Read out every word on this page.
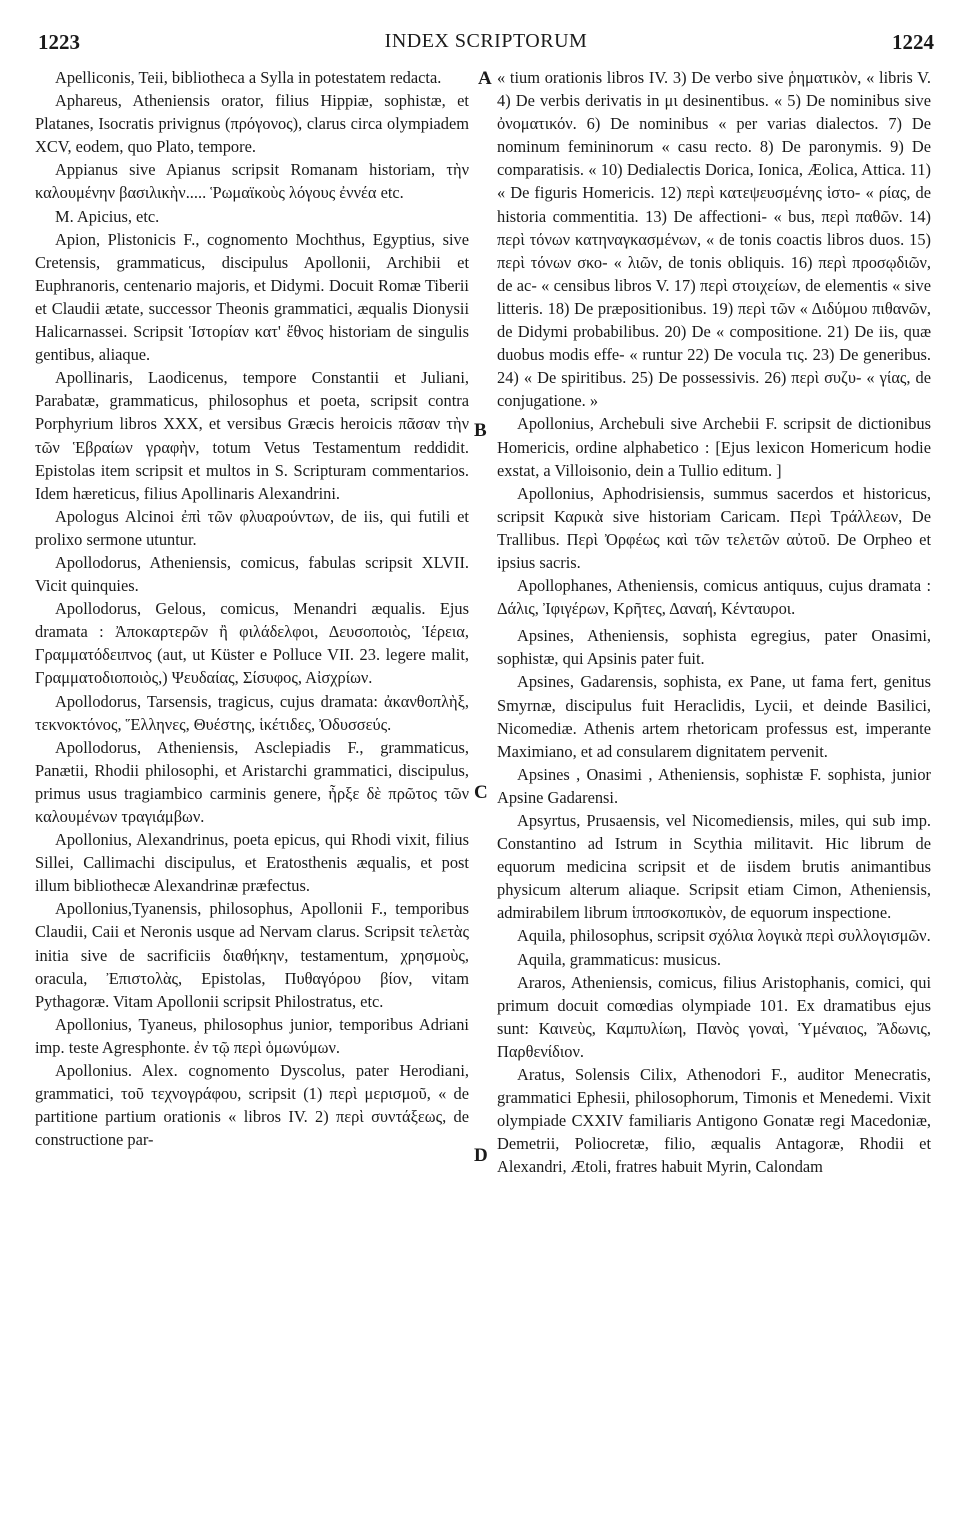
1223	INDEX SCRIPTORUM	1224
A
B
C
D

Apelliconis, Teii, bibliotheca a Sylla in potestatem redacta.

Aphareus, Atheniensis orator, filius Hippiæ, sophistæ, et Platanes, Isocratis privignus (πρόγονος), clarus circa olympiadem XCV, eodem, quo Plato, tempore.

Appianus sive Apianus scripsit Romanam historiam, τὴν καλουμένην βασιλικὴν..... Ῥωμαϊκοὺς λόγους ἐννέα etc.

M. Apicius, etc.

Apion, Plistonicis F., cognomento Mochthus, Egyptius, sive Cretensis, grammaticus, discipulus Apollonii, Archibii et Euphranoris, centenario majoris, et Didymi. Docuit Romæ Tiberii et Claudii ætate, successor Theonis grammatici, æqualis Dionysii Halicarnassei. Scripsit Ἱστορίαν κατ' ἔθνος historiam de singulis gentibus, aliaque.

Apollinaris, Laodicenus, tempore Constantii et Juliani, Parabatæ, grammaticus, philosophus et poeta, scripsit contra Porphyrium libros XXX, et versibus Græcis heroicis πᾶσαν τὴν τῶν Ἑβραίων γραφὴν, totum Vetus Testamentum reddidit. Epistolas item scripsit et multos in S. Scripturam commentarios. Idem hæreticus, filius Apollinaris Alexandrini.

Apologus Alcinoi ἐπὶ τῶν φλυαρούντων, de iis, qui futili et prolixo sermone utuntur.

Apollodorus, Atheniensis, comicus, fabulas scripsit XLVII. Vicit quinquies.

Apollodorus, Gelous, comicus, Menandri æqualis. Ejus dramata : Ἀποκαρτερῶν ἢ φιλάδελφοι, Δευσοποιὸς, Ἱέρεια, Γραμματόδειπνος (aut, ut Küster e Polluce VII. 23. legere malit, Γραμματοδιοποιὸς,) Ψευδαίας, Σίσυφος, Αἰσχρίων.

Apollodorus, Tarsensis, tragicus, cujus dramata: ἀκανθοπλὴξ, τεκνοκτόνος, Ἕλληνες, Θυέστης, ἱκέτιδες, Ὀδυσσεύς.

Apollodorus, Atheniensis, Asclepiadis F., grammaticus, Panætii, Rhodii philosophi, et Aristarchi grammatici, discipulus, primus usus tragiambico carminis genere, ἦρξε δὲ πρῶτος τῶν καλουμένων τραγιάμβων.

Apollonius, Alexandrinus, poeta epicus, qui Rhodi vixit, filius Sillei, Callimachi discipulus, et Eratosthenis æqualis, et post illum bibliothecæ Alexandrinæ præfectus.

Apollonius,Tyanensis, philosophus, Apollonii F., temporibus Claudii, Caii et Neronis usque ad Nervam clarus. Scripsit τελετὰς initia sive de sacrificiis διαθήκην, testamentum, χρησμοὺς, oracula, Ἐπιστολὰς, Epistolas, Πυθαγόρου βίον, vitam Pythagoræ. Vitam Apollonii scripsit Philostratus, etc.

Apollonius, Tyaneus, philosophus junior, temporibus Adriani imp. teste Agresphonte. ἐν τῷ περὶ ὁμωνύμων.

Apollonius. Alex. cognomento Dyscolus, pater Herodiani, grammatici, τοῦ τεχνογράφου, scripsit (1) περὶ μερισμοῦ, « de partitione partium orationis « libros IV. 2) περὶ συντάξεως, de constructione par-

« tium orationis libros IV. 3) De verbo sive ῥηματικὸν, « libris V. 4) De verbis derivatis in μι desinentibus. « 5) De nominibus sive ὀνοματικόν. 6) De nominibus « per varias dialectos. 7) De nominum femininorum « casu recto. 8) De paronymis. 9) De comparatisis. « 10) Dedialectis Dorica, Ionica, Æolica, Attica. 11) « De figuris Homericis. 12) περὶ κατεψευσμένης ἱστο- « ρίας, de historia commentitia. 13) De affectioni- « bus, περὶ παθῶν. 14) περὶ τόνων κατηναγκασμένων, « de tonis coactis libros duos. 15) περὶ τόνων σκο- « λιῶν, de tonis obliquis. 16) περὶ προσῳδιῶν, de ac- « censibus libros V. 17) περὶ στοιχείων, de elementis « sive litteris. 18) De præpositionibus. 19) περὶ τῶν « Διδύμου πιθανῶν, de Didymi probabilibus. 20) De « compositione. 21) De iis, quæ duobus modis effe- « runtur 22) De vocula τις. 23) De generibus. 24) « De spiritibus. 25) De possessivis. 26) περὶ συζυ- « γίας, de conjugatione. »

Apollonius, Archebuli sive Archebii F. scripsit de dictionibus Homericis, ordine alphabetico : [Ejus lexicon Homericum hodie exstat, a Villoisonio, dein a Tullio editum. ]

Apollonius, Aphodrisiensis, summus sacerdos et historicus, scripsit Καρικὰ sive historiam Caricam. Περὶ Τράλλεων, De Trallibus. Περὶ Ὀρφέως καὶ τῶν τελετῶν αὐτοῦ. De Orpheo et ipsius sacris.

Apollophanes, Atheniensis, comicus antiquus, cujus dramata : Δάλις, Ἰφιγέρων, Κρῆτες, Δαναή, Κένταυροι.

Apsines, Atheniensis, sophista egregius, pater Onasimi, sophistæ, qui Apsinis pater fuit.

Apsines, Gadarensis, sophista, ex Pane, ut fama fert, genitus Smyrnæ, discipulus fuit Heraclidis, Lycii, et deinde Basilici, Nicomediæ. Athenis artem rhetoricam professus est, imperante Maximiano, et ad consularem dignitatem pervenit.

Apsines , Onasimi , Atheniensis, sophistæ F. sophista, junior Apsine Gadarensi.

Apsyrtus, Prusaensis, vel Nicomediensis, miles, qui sub imp. Constantino ad Istrum in Scythia militavit. Hic librum de equorum medicina scripsit et de iisdem brutis animantibus physicum alterum aliaque. Scripsit etiam Cimon, Atheniensis, admirabilem librum ἱπποσκοπικὸν, de equorum inspectione.

Aquila, philosophus, scripsit σχόλια λογικὰ περὶ συλλογισμῶν.

Aquila, grammaticus: musicus.

Araros, Atheniensis, comicus, filius Aristophanis, comici, qui primum docuit comœdias olympiade 101. Ex dramatibus ejus sunt: Καινεὺς, Καμπυλίωη, Πανὸς γοναὶ, Ὑμέναιος, Ἄδωνις, Παρθενίδιον.

Aratus, Solensis Cilix, Athenodori F., auditor Menecratis, grammatici Ephesii, philosophorum, Timonis et Menedemi. Vixit olympiade CXXIV familiaris Antigono Gonatæ regi Macedoniæ, Demetrii, Poliocretæ, filio, æqualis Antagoræ, Rhodii et Alexandri, Ætoli, fratres habuit Myrin, Calondam
